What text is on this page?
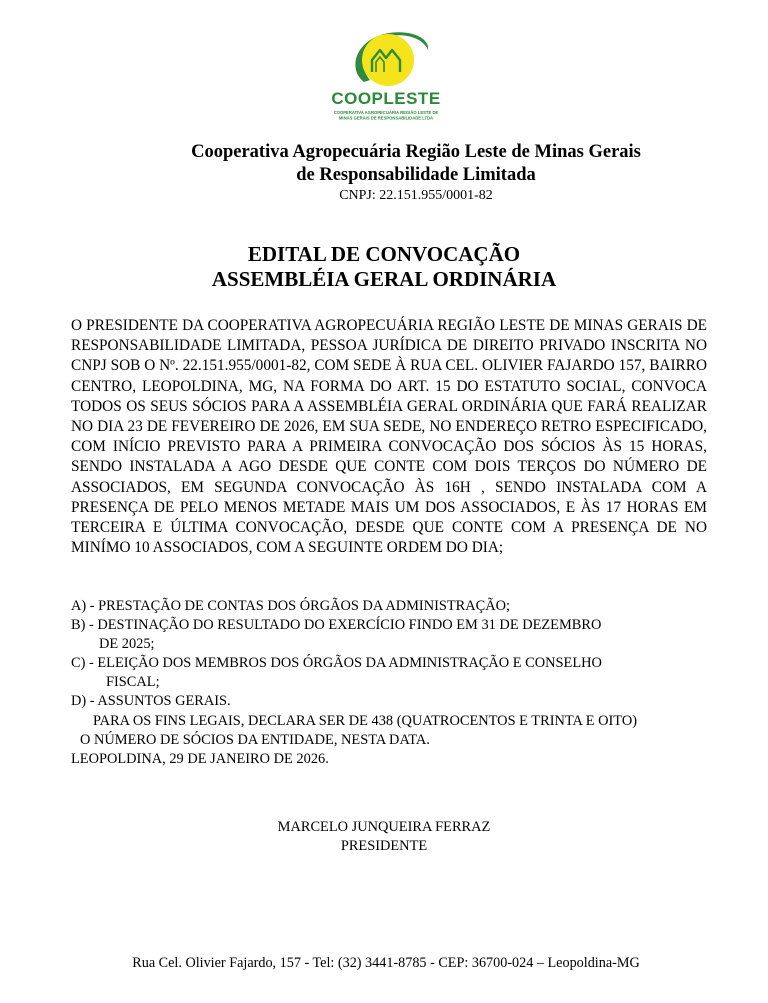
COOPLESTE
COOPERATIVA AGROPECUÁRIA REGIÃO LESTE DE
MINAS GERAIS DE RESPONSABILIDADE LTDA
Cooperativa Agropecuária Região Leste de Minas Gerais
de Responsabilidade Limitada
CNPJ: 22.151.955/0001-82
EDITAL DE CONVOCAÇÃO
ASSEMBLÉIA GERAL ORDINÁRIA

O PRESIDENTE DA COOPERATIVA AGROPECUÁRIA REGIÃO LESTE DE MINAS GERAIS DE RESPONSABILIDADE LIMITADA, PESSOA JURÍDICA DE DIREITO PRIVADO INSCRITA NO CNPJ SOB O Nº. 22.151.955/0001-82, COM SEDE À RUA CEL. OLIVIER FAJARDO 157, BAIRRO CENTRO, LEOPOLDINA, MG, NA FORMA DO ART. 15 DO ESTATUTO SOCIAL, CONVOCA TODOS OS SEUS SÓCIOS PARA A ASSEMBLÉIA GERAL ORDINÁRIA QUE FARÁ REALIZAR NO DIA 23 DE FEVEREIRO DE 2026, EM SUA SEDE, NO ENDEREÇO RETRO ESPECIFICADO, COM INÍCIO PREVISTO PARA A PRIMEIRA CONVOCAÇÃO DOS SÓCIOS ÀS 15 HORAS, SENDO INSTALADA A AGO DESDE QUE CONTE COM DOIS TERÇOS DO NÚMERO DE ASSOCIADOS, EM SEGUNDA CONVOCAÇÃO ÀS 16H , SENDO INSTALADA COM A PRESENÇA DE PELO MENOS METADE MAIS UM DOS ASSOCIADOS, E ÀS 17 HORAS EM TERCEIRA E ÚLTIMA CONVOCAÇÃO, DESDE QUE CONTE COM A PRESENÇA DE NO MINÍMO 10 ASSOCIADOS, COM A SEGUINTE ORDEM DO DIA;

A) - PRESTAÇÃO DE CONTAS DOS ÓRGÃOS DA ADMINISTRAÇÃO;
B) - DESTINAÇÃO DO RESULTADO DO EXERCÍCIO FINDO EM 31 DE DEZEMBRO
DE 2025;
C) - ELEIÇÃO DOS MEMBROS DOS ÓRGÃOS DA ADMINISTRAÇÃO E CONSELHO
FISCAL;
D) - ASSUNTOS GERAIS.
PARA OS FINS LEGAIS, DECLARA SER DE 438 (QUATROCENTOS E TRINTA E OITO)
O NÚMERO DE SÓCIOS DA ENTIDADE, NESTA DATA.
LEOPOLDINA, 29 DE JANEIRO DE 2026.
MARCELO JUNQUEIRA FERRAZ
PRESIDENTE
Rua Cel. Olivier Fajardo, 157 - Tel: (32) 3441-8785 - CEP: 36700-024 – Leopoldina-MG
